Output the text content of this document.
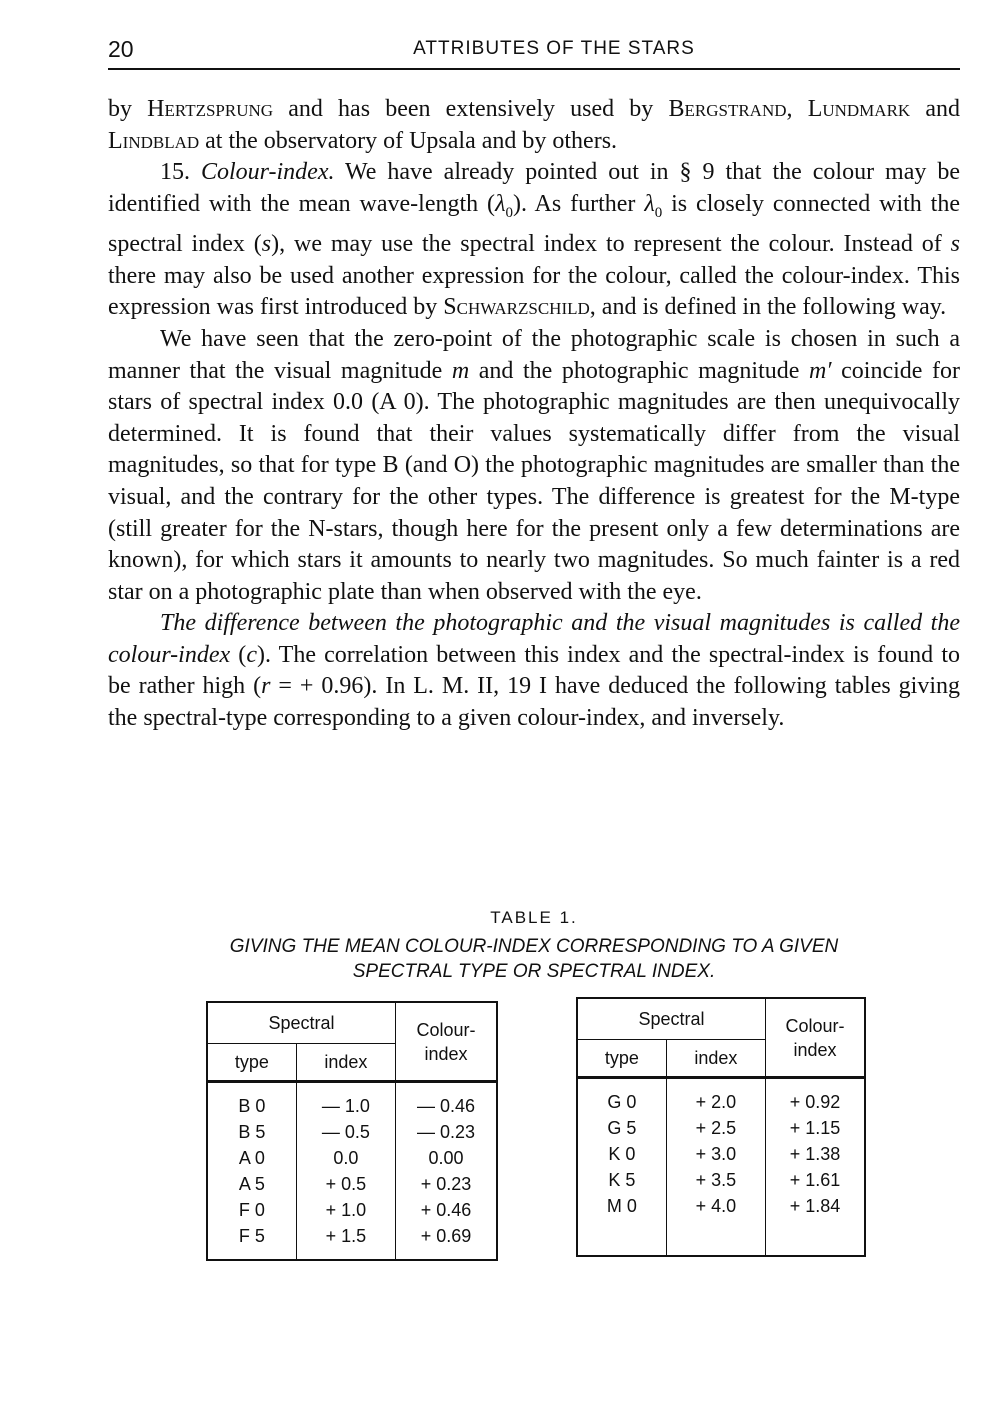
20	ATTRIBUTES OF THE STARS

by Hertzsprung and has been extensively used by Bergstrand, Lundmark and Lindblad at the observatory of Upsala and by others.

15. Colour-index. We have already pointed out in § 9 that the colour may be identified with the mean wave-length $(\lambda_0)$. As further $\lambda_0$ is closely connected with the spectral index (s), we may use the spectral index to represent the colour. Instead of s there may also be used another expression for the colour, called the colour-index. This expression was first introduced by Schwarzschild, and is defined in the following way.

We have seen that the zero-point of the photographic scale is chosen in such a manner that the visual magnitude m and the photographic magnitude m′ coincide for stars of spectral index 0.0 (A 0). The photographic magnitudes are then unequivocally determined. It is found that their values systematically differ from the visual magnitudes, so that for type B (and O) the photographic magnitudes are smaller than the visual, and the contrary for the other types. The difference is greatest for the M-type (still greater for the N-stars, though here for the present only a few determinations are known), for which stars it amounts to nearly two magnitudes. So much fainter is a red star on a photographic plate than when observed with the eye.

The difference between the photographic and the visual magnitudes is called the colour-index (c). The correlation between this index and the spectral-index is found to be rather high (r = + 0.96). In L. M. II, 19 I have deduced the following tables giving the spectral-type corresponding to a given colour-index, and inversely.

TABLE 1.
GIVING THE MEAN COLOUR-INDEX CORRESPONDING TO A GIVEN
SPECTRAL TYPE OR SPECTRAL INDEX.
Spectral		Colour-
index
type	index	

B 0	— 1.0	— 0.46
B 5	— 0.5	— 0.23
A 0	0.0	0.00
A 5	+ 0.5	+ 0.23
F 0	+ 1.0	+ 0.46
F 5	+ 1.5	+ 0.69

Spectral		Colour-
index
type	index	

G 0	+ 2.0	+ 0.92
G 5	+ 2.5	+ 1.15
K 0	+ 3.0	+ 1.38
K 5	+ 3.5	+ 1.61
M 0	+ 4.0	+ 1.84
